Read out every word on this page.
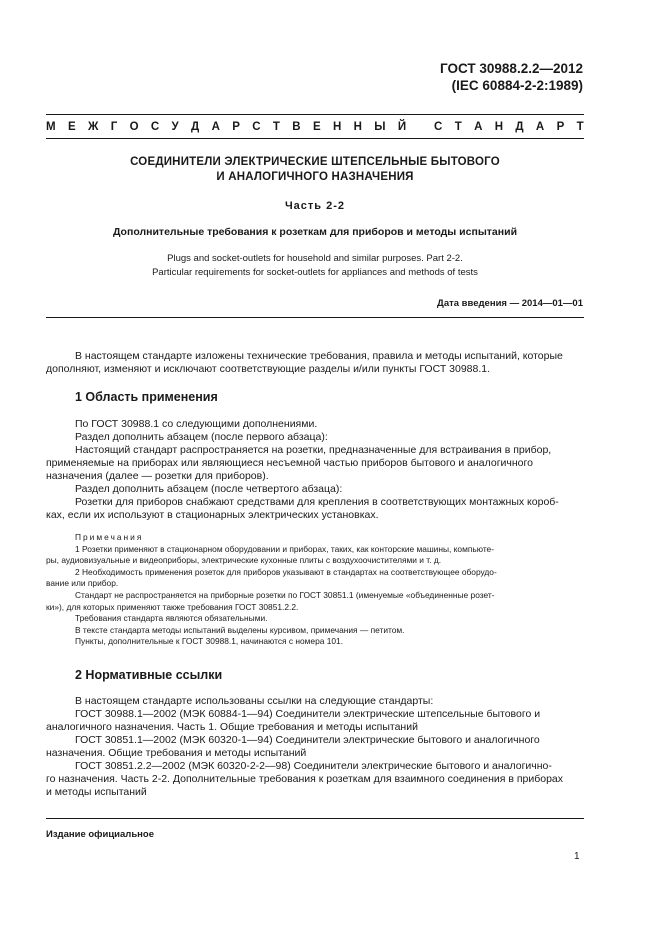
ГОСТ 30988.2.2—2012
(IEC 60884-2-2:1989)
М Е Ж Г О С У Д А Р С Т В Е Н Н Ы Й
С Т А Н Д А Р Т
СОЕДИНИТЕЛИ ЭЛЕКТРИЧЕСКИЕ ШТЕПСЕЛЬНЫЕ БЫТОВОГО
И АНАЛОГИЧНОГО НАЗНАЧЕНИЯ
Часть 2-2
Дополнительные требования к розеткам для приборов и методы испытаний
Plugs and socket-outlets for household and similar purposes. Part 2-2.
Particular requirements for socket-outlets for appliances and methods of tests
Дата введения — 2014—01—01

В настоящем стандарте изложены технические требования, правила и методы испытаний, которые

дополняют, изменяют и исключают соответствующие разделы и/или пункты ГОСТ 30988.1.

1 Область применения

По ГОСТ 30988.1 со следующими дополнениями.

Раздел дополнить абзацем (после первого абзаца):

Настоящий стандарт распространяется на розетки, предназначенные для встраивания в прибор,

применяемые на приборах или являющиеся несъемной частью приборов бытового и аналогичного

назначения (далее — розетки для приборов).

Раздел дополнить абзацем (после четвертого абзаца):

Розетки для приборов снабжают средствами для крепления в соответствующих монтажных короб-

ках, если их используют в стационарных электрических установках.

Примечания

1 Розетки применяют в стационарном оборудовании и приборах, таких, как конторские машины, компьюте-

ры, аудиовизуальные и видеоприборы, электрические кухонные плиты с воздухоочистителями и т. д.

2 Необходимость применения розеток для приборов указывают в стандартах на соответствующее оборудо-

вание или прибор.

Стандарт не распространяется на приборные розетки по ГОСТ 30851.1 (именуемые «объединенные розет-

ки»), для которых применяют также требования ГОСТ 30851.2.2.

Требования стандарта являются обязательными.

В тексте стандарта методы испытаний выделены курсивом, примечания — петитом.

Пункты, дополнительные к ГОСТ 30988.1, начинаются с номера 101.

2 Нормативные ссылки

В настоящем стандарте использованы ссылки на следующие стандарты:

ГОСТ 30988.1—2002 (МЭК 60884-1—94) Соединители электрические штепсельные бытового и

аналогичного назначения. Часть 1. Общие требования и методы испытаний

ГОСТ 30851.1—2002 (МЭК 60320-1—94) Соединители электрические бытового и аналогичного

назначения. Общие требования и методы испытаний

ГОСТ 30851.2.2—2002 (МЭК 60320-2-2—98) Соединители электрические бытового и аналогично-

го назначения. Часть 2-2. Дополнительные требования к розеткам для взаимного соединения в приборах

и методы испытаний

Издание официальное
1
